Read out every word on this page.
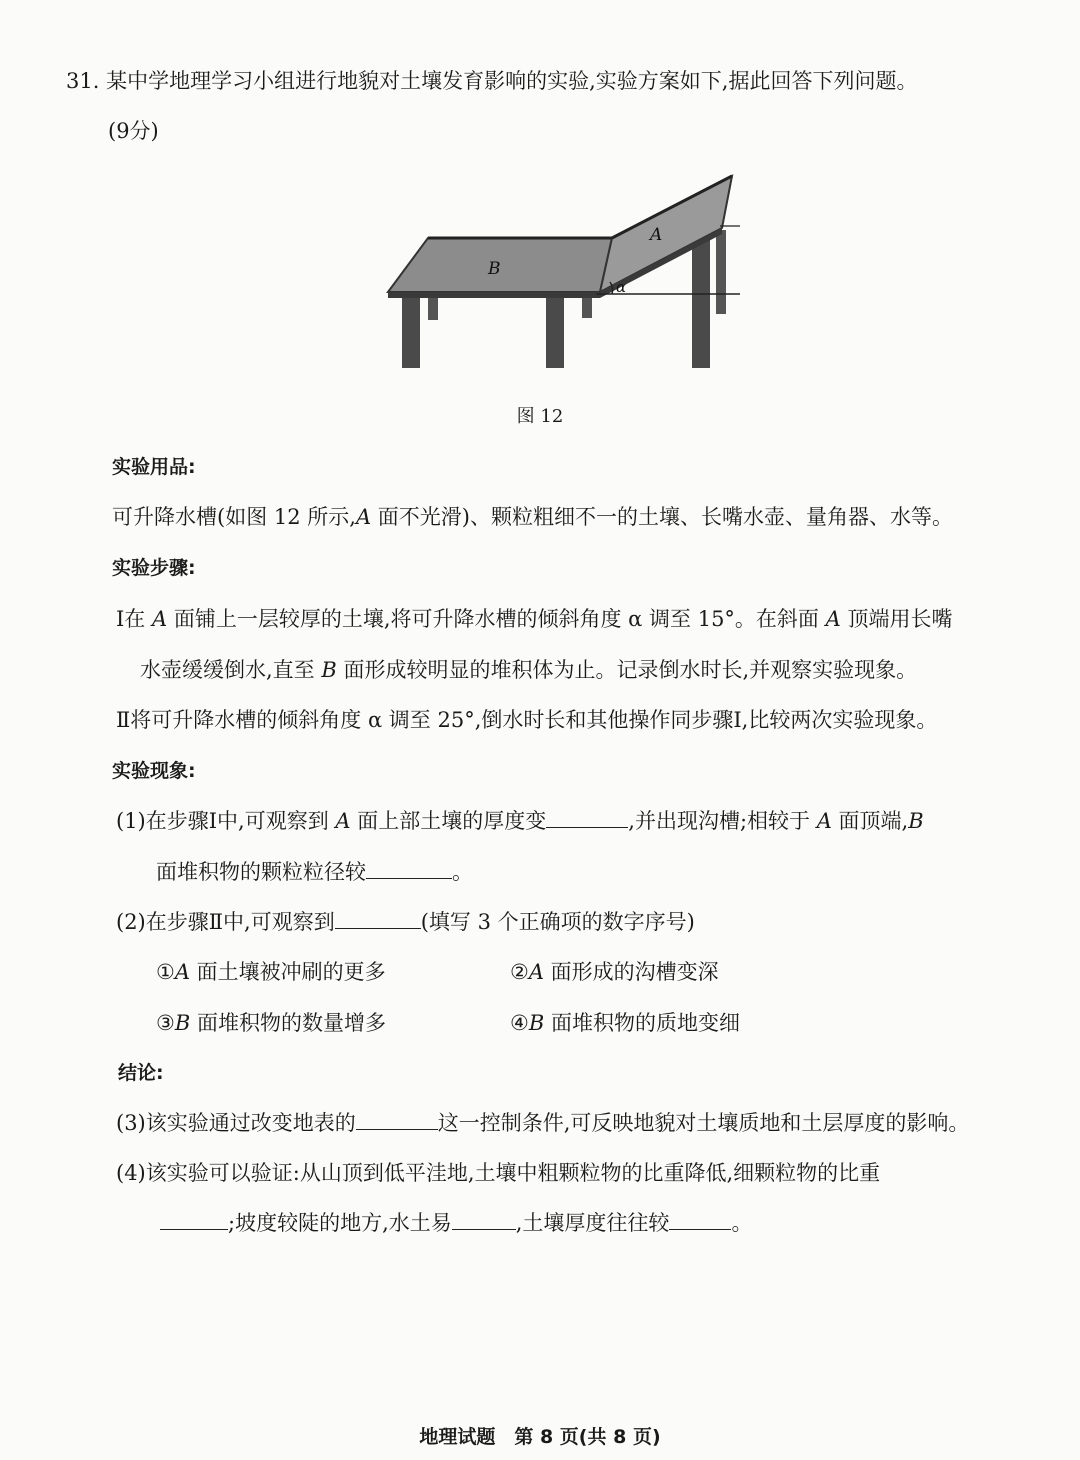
31. 某中学地理学习小组进行地貌对土壤发育影响的实验,实验方案如下,据此回答下列问题。
(9分)
B
A
α
图 12
实验用品:
可升降水槽(如图 12 所示,A 面不光滑)、颗粒粗细不一的土壤、长嘴水壶、量角器、水等。
实验步骤:
Ⅰ在 A 面铺上一层较厚的土壤,将可升降水槽的倾斜角度 α 调至 15°。在斜面 A 顶端用长嘴
水壶缓缓倒水,直至 B 面形成较明显的堆积体为止。记录倒水时长,并观察实验现象。
Ⅱ将可升降水槽的倾斜角度 α 调至 25°,倒水时长和其他操作同步骤Ⅰ,比较两次实验现象。
实验现象:
(1)在步骤Ⅰ中,可观察到 A 面上部土壤的厚度变	,并出现沟槽;相较于 A 面顶端,B
面堆积物的颗粒粒径较	。
(2)在步骤Ⅱ中,可观察到	(填写 3 个正确项的数字序号)
①A 面土壤被冲刷的更多	②A 面形成的沟槽变深
③B 面堆积物的数量增多	④B 面堆积物的质地变细
结论:
(3)该实验通过改变地表的	这一控制条件,可反映地貌对土壤质地和土层厚度的影响。
(4)该实验可以验证:从山顶到低平洼地,土壤中粗颗粒物的比重降低,细颗粒物的比重
;坡度较陡的地方,水土易	,土壤厚度往往较	。
地理试题　第 8 页(共 8 页)
